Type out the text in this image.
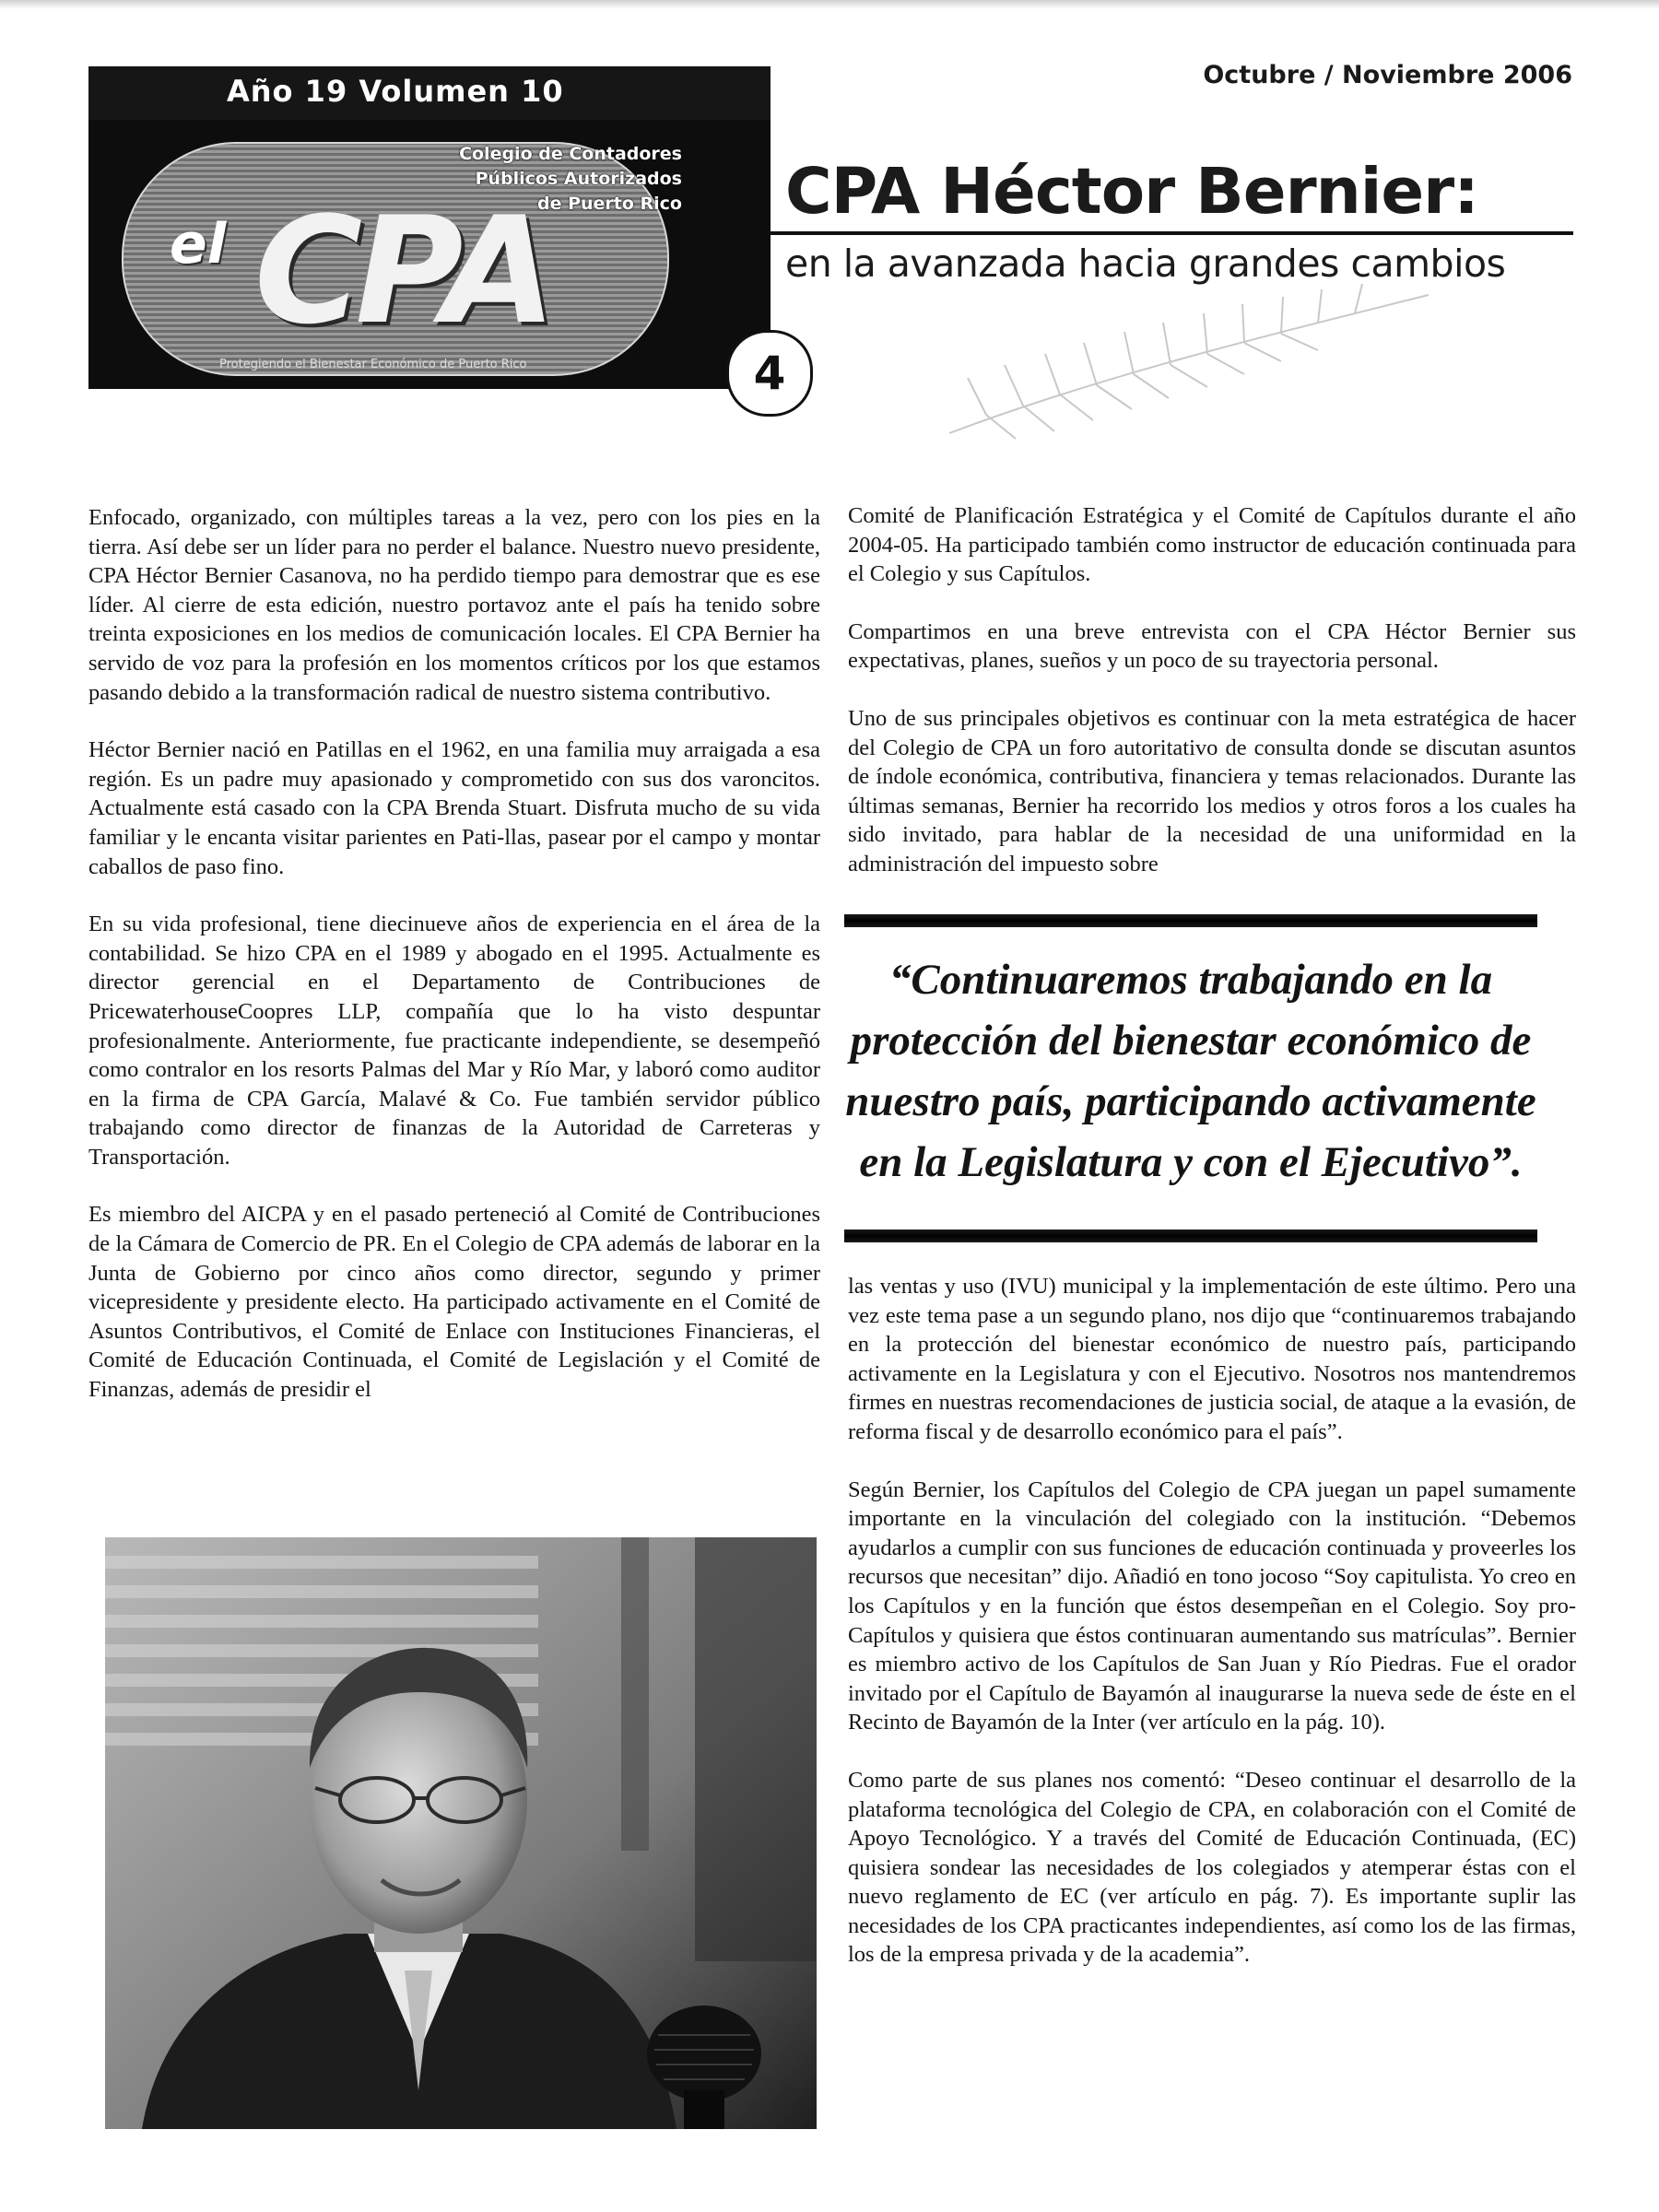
Año 19 Volumen 10
Colegio de Contadores
Públicos Autorizados
de Puerto Rico
el CPA
Protegiendo el Bienestar Económico de Puerto Rico	4
Octubre / Noviembre 2006
CPA Héctor Bernier:
en la avanzada hacia grandes cambios

Enfocado, organizado, con múltiples tareas a la vez, pero con los pies en la tierra. Así debe ser un líder para no perder el balance. Nuestro nuevo presidente, CPA Héctor Bernier Casanova, no ha perdido tiempo para demostrar que es ese líder. Al cierre de esta edición, nuestro portavoz ante el país ha tenido sobre treinta exposiciones en los medios de comunicación locales. El CPA Bernier ha servido de voz para la profesión en los momentos críticos por los que estamos pasando debido a la transformación radical de nuestro sistema contributivo.

Héctor Bernier nació en Patillas en el 1962, en una familia muy arraigada a esa región. Es un padre muy apasionado y comprometido con sus dos varoncitos. Actualmente está casado con la CPA Brenda Stuart. Disfruta mucho de su vida familiar y le encanta visitar parientes en Pati-llas, pasear por el campo y montar caballos de paso fino.

En su vida profesional, tiene diecinueve años de experiencia en el área de la contabilidad. Se hizo CPA en el 1989 y abogado en el 1995. Actualmente es director gerencial en el Departamento de Contribuciones de PricewaterhouseCoopres LLP, compañía que lo ha visto despuntar profesionalmente. Anteriormente, fue practicante independiente, se desempeñó como contralor en los resorts Palmas del Mar y Río Mar, y laboró como auditor en la firma de CPA García, Malavé & Co. Fue también servidor público trabajando como director de finanzas de la Autoridad de Carreteras y Transportación.

Es miembro del AICPA y en el pasado perteneció al Comité de Contribuciones de la Cámara de Comercio de PR. En el Colegio de CPA además de laborar en la Junta de Gobierno por cinco años como director, segundo y primer vicepresidente y presidente electo. Ha participado activamente en el Comité de Asuntos Contributivos, el Comité de Enlace con Instituciones Financieras, el Comité de Educación Continuada, el Comité de Legislación y el Comité de Finanzas, además de presidir el

Comité de Planificación Estratégica y el Comité de Capítulos durante el año 2004-05. Ha participado también como instructor de educación continuada para el Colegio y sus Capítulos.

Compartimos en una breve entrevista con el CPA Héctor Bernier sus expectativas, planes, sueños y un poco de su trayectoria personal.

Uno de sus principales objetivos es continuar con la meta estratégica de hacer del Colegio de CPA un foro autoritativo de consulta donde se discutan asuntos de índole económica, contributiva, financiera y temas relacionados. Durante las últimas semanas, Bernier ha recorrido los medios y otros foros a los cuales ha sido invitado, para hablar de la necesidad de una uniformidad en la administración del impuesto sobre

“Continuaremos trabajando en la protección del bienestar económico de nuestro país, participando activamente en la Legislatura y con el Ejecutivo”.

las ventas y uso (IVU) municipal y la implementación de este último. Pero una vez este tema pase a un segundo plano, nos dijo que “continuaremos trabajando en la protección del bienestar económico de nuestro país, participando activamente en la Legislatura y con el Ejecutivo. Nosotros nos mantendremos firmes en nuestras recomendaciones de justicia social, de ataque a la evasión, de reforma fiscal y de desarrollo económico para el país”.

Según Bernier, los Capítulos del Colegio de CPA juegan un papel sumamente importante en la vinculación del colegiado con la institución. “Debemos ayudarlos a cumplir con sus funciones de educación continuada y proveerles los recursos que necesitan” dijo. Añadió en tono jocoso “Soy capitulista. Yo creo en los Capítulos y en la función que éstos desempeñan en el Colegio. Soy pro-Capítulos y quisiera que éstos continuaran aumentando sus matrículas”. Bernier es miembro activo de los Capítulos de San Juan y Río Piedras. Fue el orador invitado por el Capítulo de Bayamón al inaugurarse la nueva sede de éste en el Recinto de Bayamón de la Inter (ver artículo en la pág. 10).

Como parte de sus planes nos comentó: “Deseo continuar el desarrollo de la plataforma tecnológica del Colegio de CPA, en colaboración con el Comité de Apoyo Tecnológico. Y a través del Comité de Educación Continuada, (EC) quisiera sondear las necesidades de los colegiados y atemperar éstas con el nuevo reglamento de EC (ver artículo en pág. 7). Es importante suplir las necesidades de los CPA practicantes independientes, así como los de las firmas, los de la empresa privada y de la academia”.
